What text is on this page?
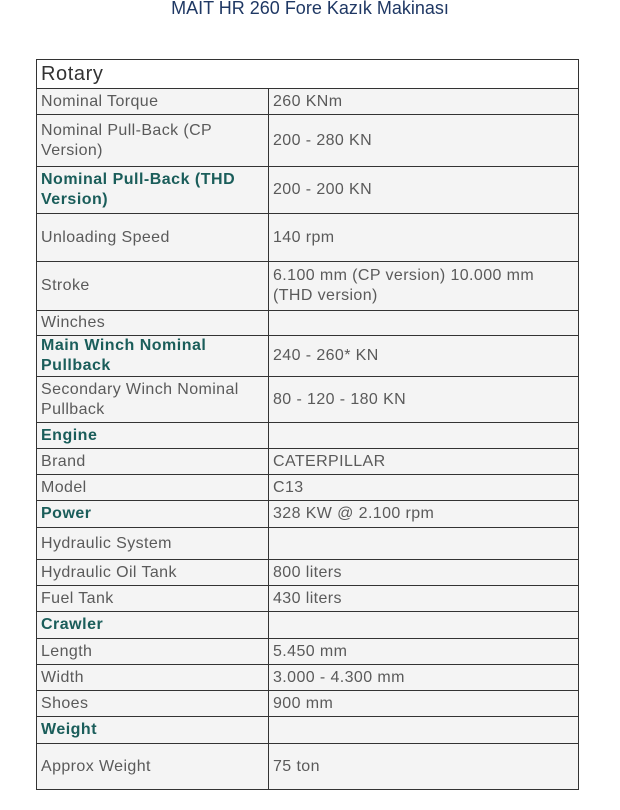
MAIT HR 260 Fore Kazık Makinası
Rotary	
Nominal Torque	260 KNm
Nominal Pull-Back (CP Version)	200 - 280 KN
Nominal Pull-Back (THD Version)	200 - 200 KN
Unloading Speed	140 rpm
Stroke	6.100 mm (CP version) 10.000 mm (THD version)
Winches	
Main Winch Nominal Pullback	240 - 260* KN
Secondary Winch Nominal Pullback	80 - 120 - 180 KN
Engine	
Brand	CATERPILLAR
Model	C13
Power	328 KW @ 2.100 rpm
Hydraulic System	
Hydraulic Oil Tank	800 liters
Fuel Tank	430 liters
Crawler	
Length	5.450 mm
Width	3.000 - 4.300 mm
Shoes	900 mm
Weight	
Approx Weight	75 ton
